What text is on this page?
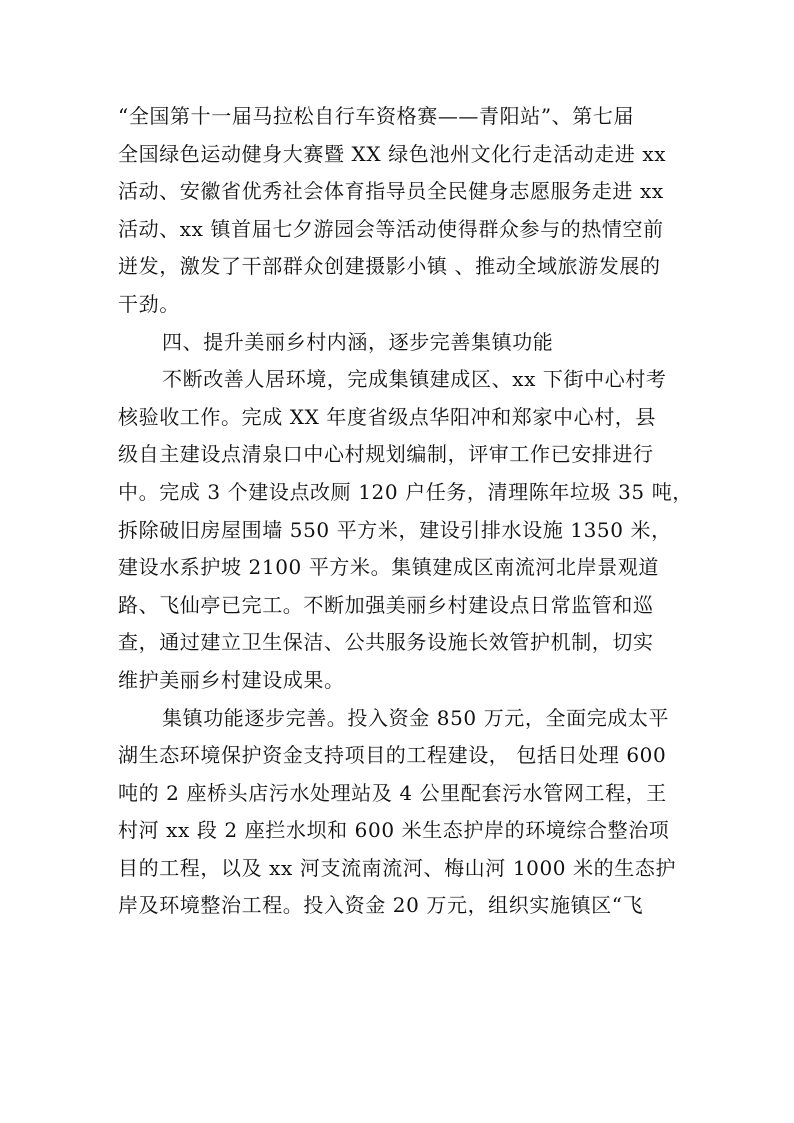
“全国第十一届马拉松自行车资格赛——青阳站”、第七届
全国绿色运动健身大赛暨 XX 绿色池州文化行走活动走进 xx
活动、安徽省优秀社会体育指导员全民健身志愿服务走进 xx
活动、xx 镇首届七夕游园会等活动使得群众参与的热情空前
迸发，激发了干部群众创建摄影小镇 、推动全域旅游发展的
干劲。
四、提升美丽乡村内涵，逐步完善集镇功能
不断改善人居环境，完成集镇建成区、xx 下街中心村考
核验收工作。完成 XX 年度省级点华阳冲和郑家中心村，县
级自主建设点清泉口中心村规划编制，评审工作已安排进行
中。完成 3 个建设点改厕 120 户任务，清理陈年垃圾 35 吨，
拆除破旧房屋围墙 550 平方米，建设引排水设施 1350 米，
建设水系护坡 2100 平方米。集镇建成区南流河北岸景观道
路、飞仙亭已完工。不断加强美丽乡村建设点日常监管和巡
查，通过建立卫生保洁、公共服务设施长效管护机制，切实
维护美丽乡村建设成果。
集镇功能逐步完善。投入资金 850 万元，全面完成太平
湖生态环境保护资金支持项目的工程建设， 包括日处理 600
吨的 2 座桥头店污水处理站及 4 公里配套污水管网工程，王
村河 xx 段 2 座拦水坝和 600 米生态护岸的环境综合整治项
目的工程，以及 xx 河支流南流河、梅山河 1000 米的生态护
岸及环境整治工程。投入资金 20 万元，组织实施镇区“飞
